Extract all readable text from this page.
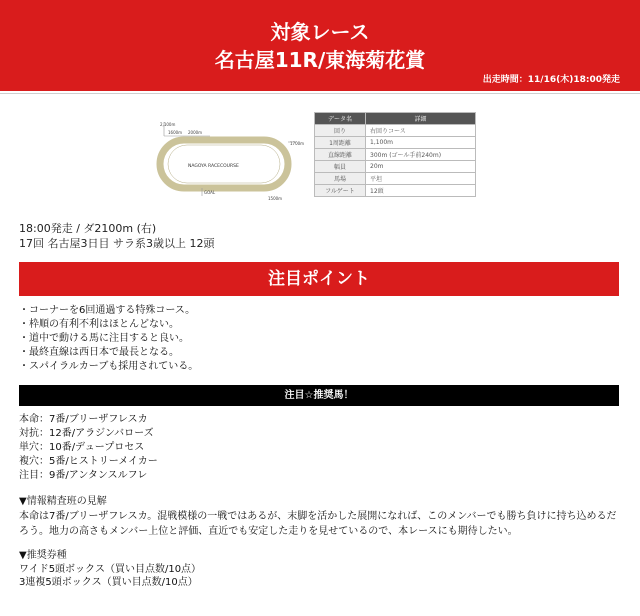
対象レース
名古屋11R/東海菊花賞
出走時間：11/16(木)18:00発走
2,100m
1600m 2000m
NAGOYA RACECOURSE
1700m
GOAL
1500m
データ名	詳細
回り	右回りコース
1周距離	1,100m
直線距離	300m (ゴール手前240m)
幅員	20m
馬場	平坦
フルゲート	12頭
18:00発走 / ダ2100m (右)
17回 名古屋3日目 サラ系3歳以上 12頭
注目ポイント
・コーナーを6回通過する特殊コース。
・枠順の有利不利はほとんどない。
・道中で動ける馬に注目すると良い。
・最終直線は西日本で最長となる。
・スパイラルカーブも採用されている。
注目☆推奨馬！
本命：7番/ブリーザフレスカ
対抗：12番/アラジンバローズ
単穴：10番/デュープロセス
複穴：5番/ヒストリーメイカー
注目：9番/アンタンスルフレ
▼情報精査班の見解

本命は7番/ブリーザフレスカ。混戦模様の一戦ではあるが、末脚を活かした展開になれば、このメンバーでも勝ち負けに持ち込めるだろう。地力の高さもメンバー上位と評価、直近でも安定した走りを見せているので、本レースにも期待したい。

▼推奨券種
ワイド5頭ボックス（買い目点数/10点）
3連複5頭ボックス（買い目点数/10点）
